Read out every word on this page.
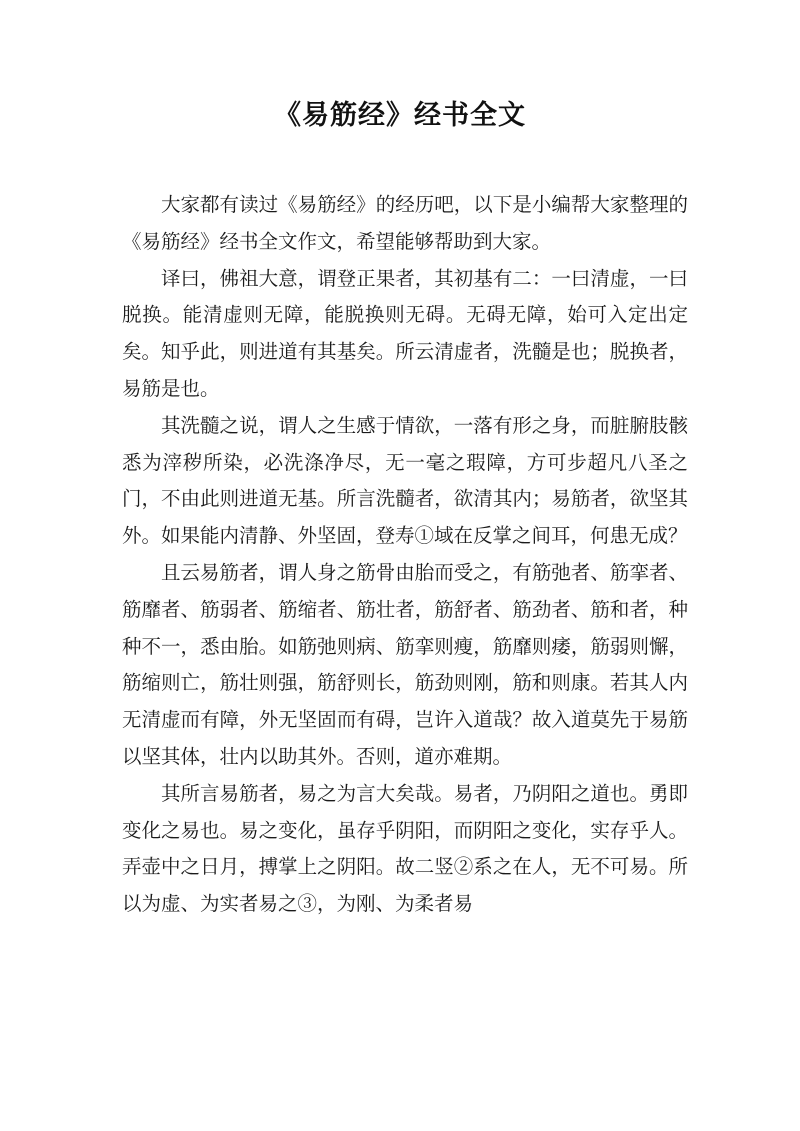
《易筋经》经书全文

大家都有读过《易筋经》的经历吧，以下是小编帮大家整理的《易筋经》经书全文作文，希望能够帮助到大家。

译曰，佛祖大意，谓登正果者，其初基有二：一曰清虚，一曰脱换。能清虚则无障，能脱换则无碍。无碍无障，始可入定出定矣。知乎此，则进道有其基矣。所云清虚者，洗髓是也；脱换者，易筋是也。

其洗髓之说，谓人之生感于情欲，一落有形之身，而脏腑肢骸悉为滓秽所染，必洗涤净尽，无一毫之瑕障，方可步超凡八圣之门，不由此则进道无基。所言洗髓者，欲清其内；易筋者，欲坚其外。如果能内清静、外坚固，登寿①域在反掌之间耳，何患无成？

且云易筋者，谓人身之筋骨由胎而受之，有筋弛者、筋挛者、筋靡者、筋弱者、筋缩者、筋壮者，筋舒者、筋劲者、筋和者，种种不一，悉由胎。如筋弛则病、筋挛则瘦，筋靡则痿，筋弱则懈，筋缩则亡，筋壮则强，筋舒则长，筋劲则刚，筋和则康。若其人内无清虚而有障，外无坚固而有碍，岂许入道哉？故入道莫先于易筋以坚其体，壮内以助其外。否则，道亦难期。

其所言易筋者，易之为言大矣哉。易者，乃阴阳之道也。勇即变化之易也。易之变化，虽存乎阴阳，而阴阳之变化，实存乎人。弄壶中之日月，搏掌上之阴阳。故二竖②系之在人，无不可易。所以为虚、为实者易之③，为刚、为柔者易
